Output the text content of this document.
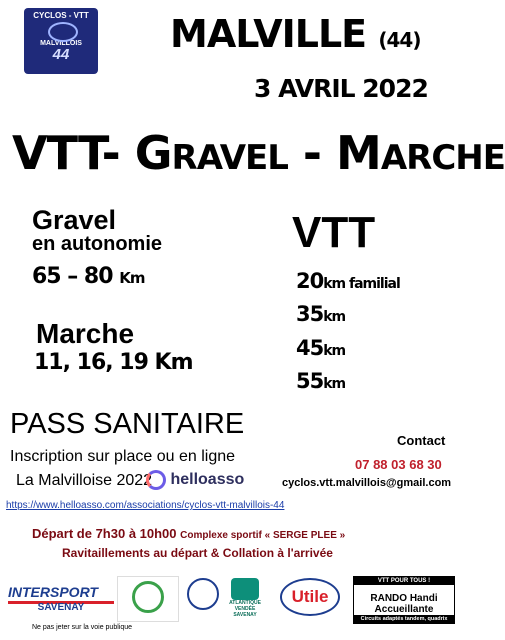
CYCLOS - VTT
MALVILLOIS
44	MALVILLE (44)
3 AVRIL 2022
VTT- GRAVEL - MARCHE
Gravel
en autonomie
65 – 80 Km
Marche
11, 16, 19 Km
VTT
20km familial
35km
45km
55km
PASS SANITAIRE
Inscription sur place ou en ligne
La Malvilloise 2022	helloasso
Contact
07 88 03 68 30
cyclos.vtt.malvillois@gmail.com
https://www.helloasso.com/associations/cyclos-vtt-malvillois-44
Départ de 7h30 à 10h00 Complexe sportif « SERGE PLEE »
Ravitaillements au départ & Collation à l'arrivée
INTERSPORT
SAVENAY	ATLANTIQUE
VENDÉE
SAVENAY
Utile
VTT POUR TOUS !
RANDO Handi Accueillante
Circuits adaptés tandem, quadrix
Ne pas jeter sur la voie publique
